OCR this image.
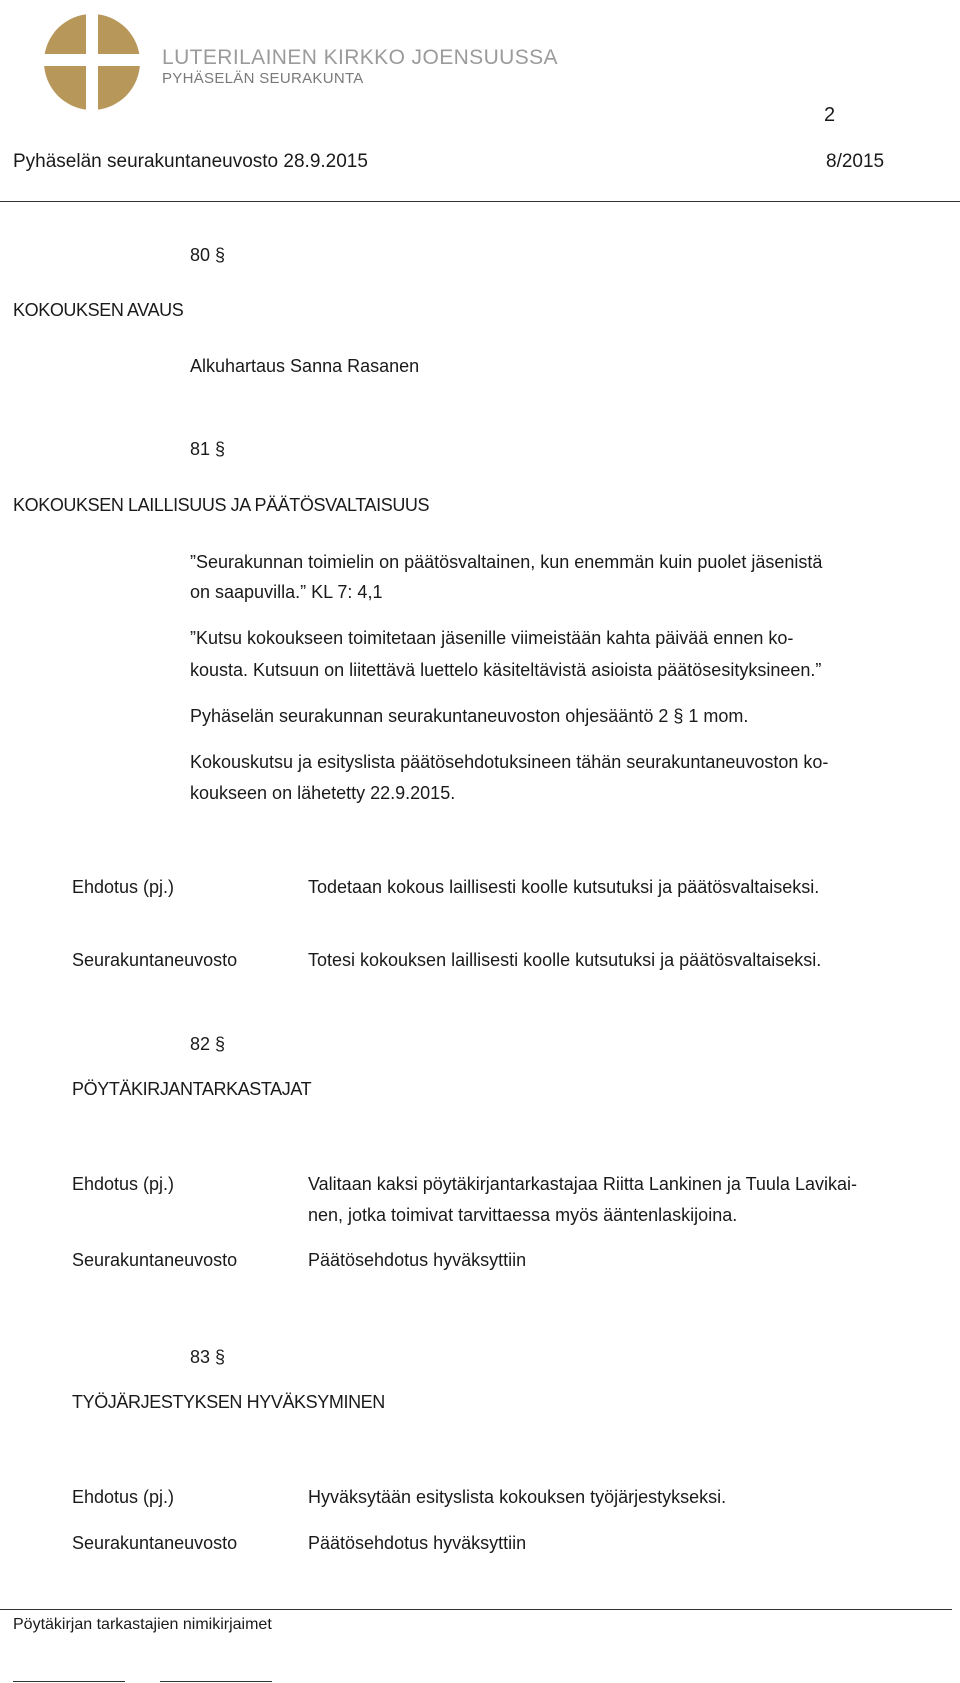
LUTERILAINEN KIRKKO JOENSUUSSA
PYHÄSELÄN SEURAKUNTA
2
Pyhäselän seurakuntaneuvosto 28.9.2015	8/2015
80 §
KOKOUKSEN AVAUS
Alkuhartaus Sanna Rasanen
81 §
KOKOUKSEN LAILLISUUS JA PÄÄTÖSVALTAISUUS
”Seurakunnan toimielin on päätösvaltainen, kun enemmän kuin puolet jäsenistä
on saapuvilla.” KL 7: 4,1
”Kutsu kokoukseen toimitetaan jäsenille viimeistään kahta päivää ennen ko-
kousta. Kutsuun on liitettävä luettelo käsiteltävistä asioista päätösesityksineen.”
Pyhäselän seurakunnan seurakuntaneuvoston ohjesääntö 2 § 1 mom.
Kokouskutsu ja esityslista päätösehdotuksineen tähän seurakuntaneuvoston ko-
koukseen on lähetetty 22.9.2015.
Ehdotus (pj.)	Todetaan kokous laillisesti koolle kutsutuksi ja päätösvaltaiseksi.
Seurakuntaneuvosto	Totesi kokouksen laillisesti koolle kutsutuksi ja päätösvaltaiseksi.
82 §
PÖYTÄKIRJANTARKASTAJAT
Ehdotus (pj.)	Valitaan kaksi pöytäkirjantarkastajaa Riitta Lankinen ja Tuula Lavikai-
nen, jotka toimivat tarvittaessa myös ääntenlaskijoina.
Seurakuntaneuvosto	Päätösehdotus hyväksyttiin
83 §
TYÖJÄRJESTYKSEN HYVÄKSYMINEN
Ehdotus (pj.)	Hyväksytään esityslista kokouksen työjärjestykseksi.
Seurakuntaneuvosto	Päätösehdotus hyväksyttiin
Pöytäkirjan tarkastajien nimikirjaimet
